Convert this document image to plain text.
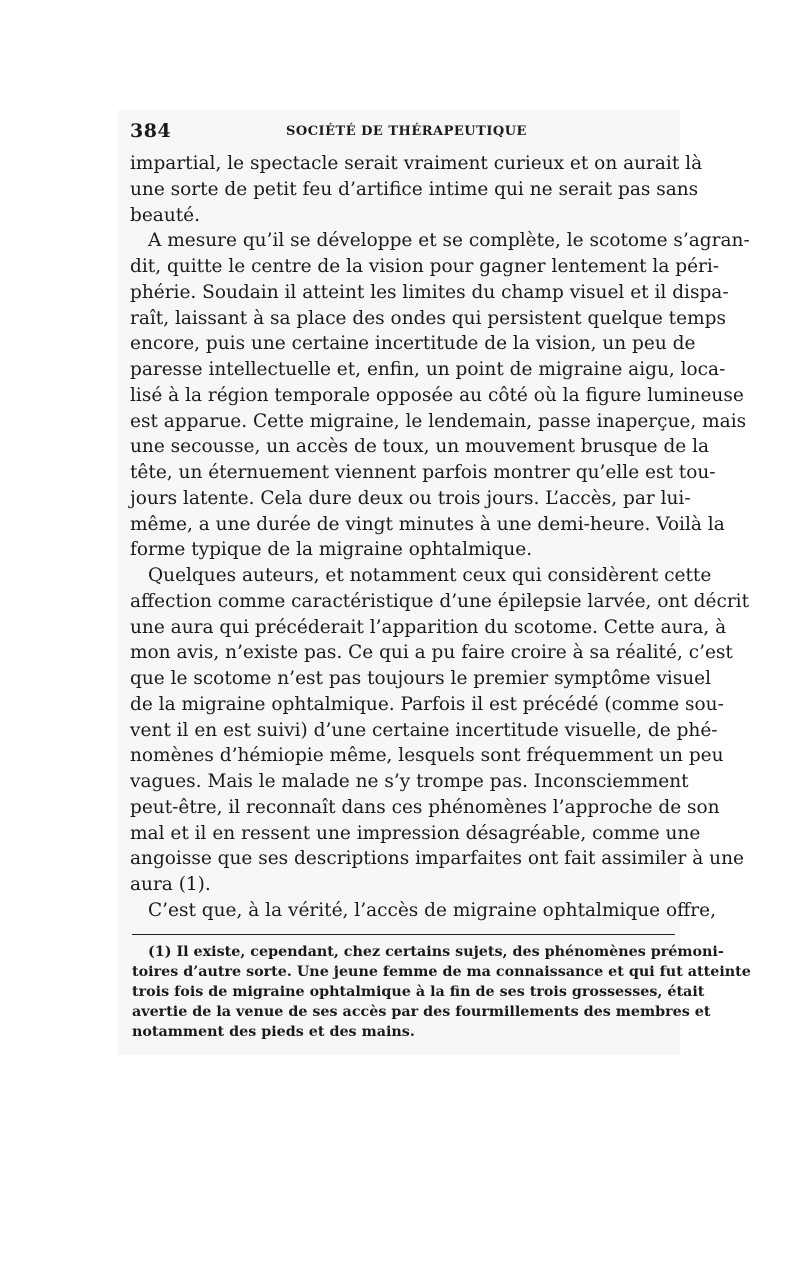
384	SOCIÉTÉ DE THÉRAPEUTIQUE
impartial, le spectacle serait vraiment curieux et on aurait là
une sorte de petit feu d’artifice intime qui ne serait pas sans
beauté.
A mesure qu’il se développe et se complète, le scotome s’agran-
dit, quitte le centre de la vision pour gagner lentement la péri-
phérie. Soudain il atteint les limites du champ visuel et il dispa-
raît, laissant à sa place des ondes qui persistent quelque temps
encore, puis une certaine incertitude de la vision, un peu de
paresse intellectuelle et, enfin, un point de migraine aigu, loca-
lisé à la région temporale opposée au côté où la figure lumineuse
est apparue. Cette migraine, le lendemain, passe inaperçue, mais
une secousse, un accès de toux, un mouvement brusque de la
tête, un éternuement viennent parfois montrer qu’elle est tou-
jours latente. Cela dure deux ou trois jours. L’accès, par lui-
même, a une durée de vingt minutes à une demi-heure. Voilà la
forme typique de la migraine ophtalmique.
Quelques auteurs, et notamment ceux qui considèrent cette
affection comme caractéristique d’une épilepsie larvée, ont décrit
une aura qui précéderait l’apparition du scotome. Cette aura, à
mon avis, n’existe pas. Ce qui a pu faire croire à sa réalité, c’est
que le scotome n’est pas toujours le premier symptôme visuel
de la migraine ophtalmique. Parfois il est précédé (comme sou-
vent il en est suivi) d’une certaine incertitude visuelle, de phé-
nomènes d’hémiopie même, lesquels sont fréquemment un peu
vagues. Mais le malade ne s’y trompe pas. Inconsciemment
peut-être, il reconnaît dans ces phénomènes l’approche de son
mal et il en ressent une impression désagréable, comme une
angoisse que ses descriptions imparfaites ont fait assimiler à une
aura (1).
C’est que, à la vérité, l’accès de migraine ophtalmique offre,
(1) Il existe, cependant, chez certains sujets, des phénomènes prémoni-
toires d’autre sorte. Une jeune femme de ma connaissance et qui fut atteinte
trois fois de migraine ophtalmique à la fin de ses trois grossesses, était
avertie de la venue de ses accès par des fourmillements des membres et
notamment des pieds et des mains.
